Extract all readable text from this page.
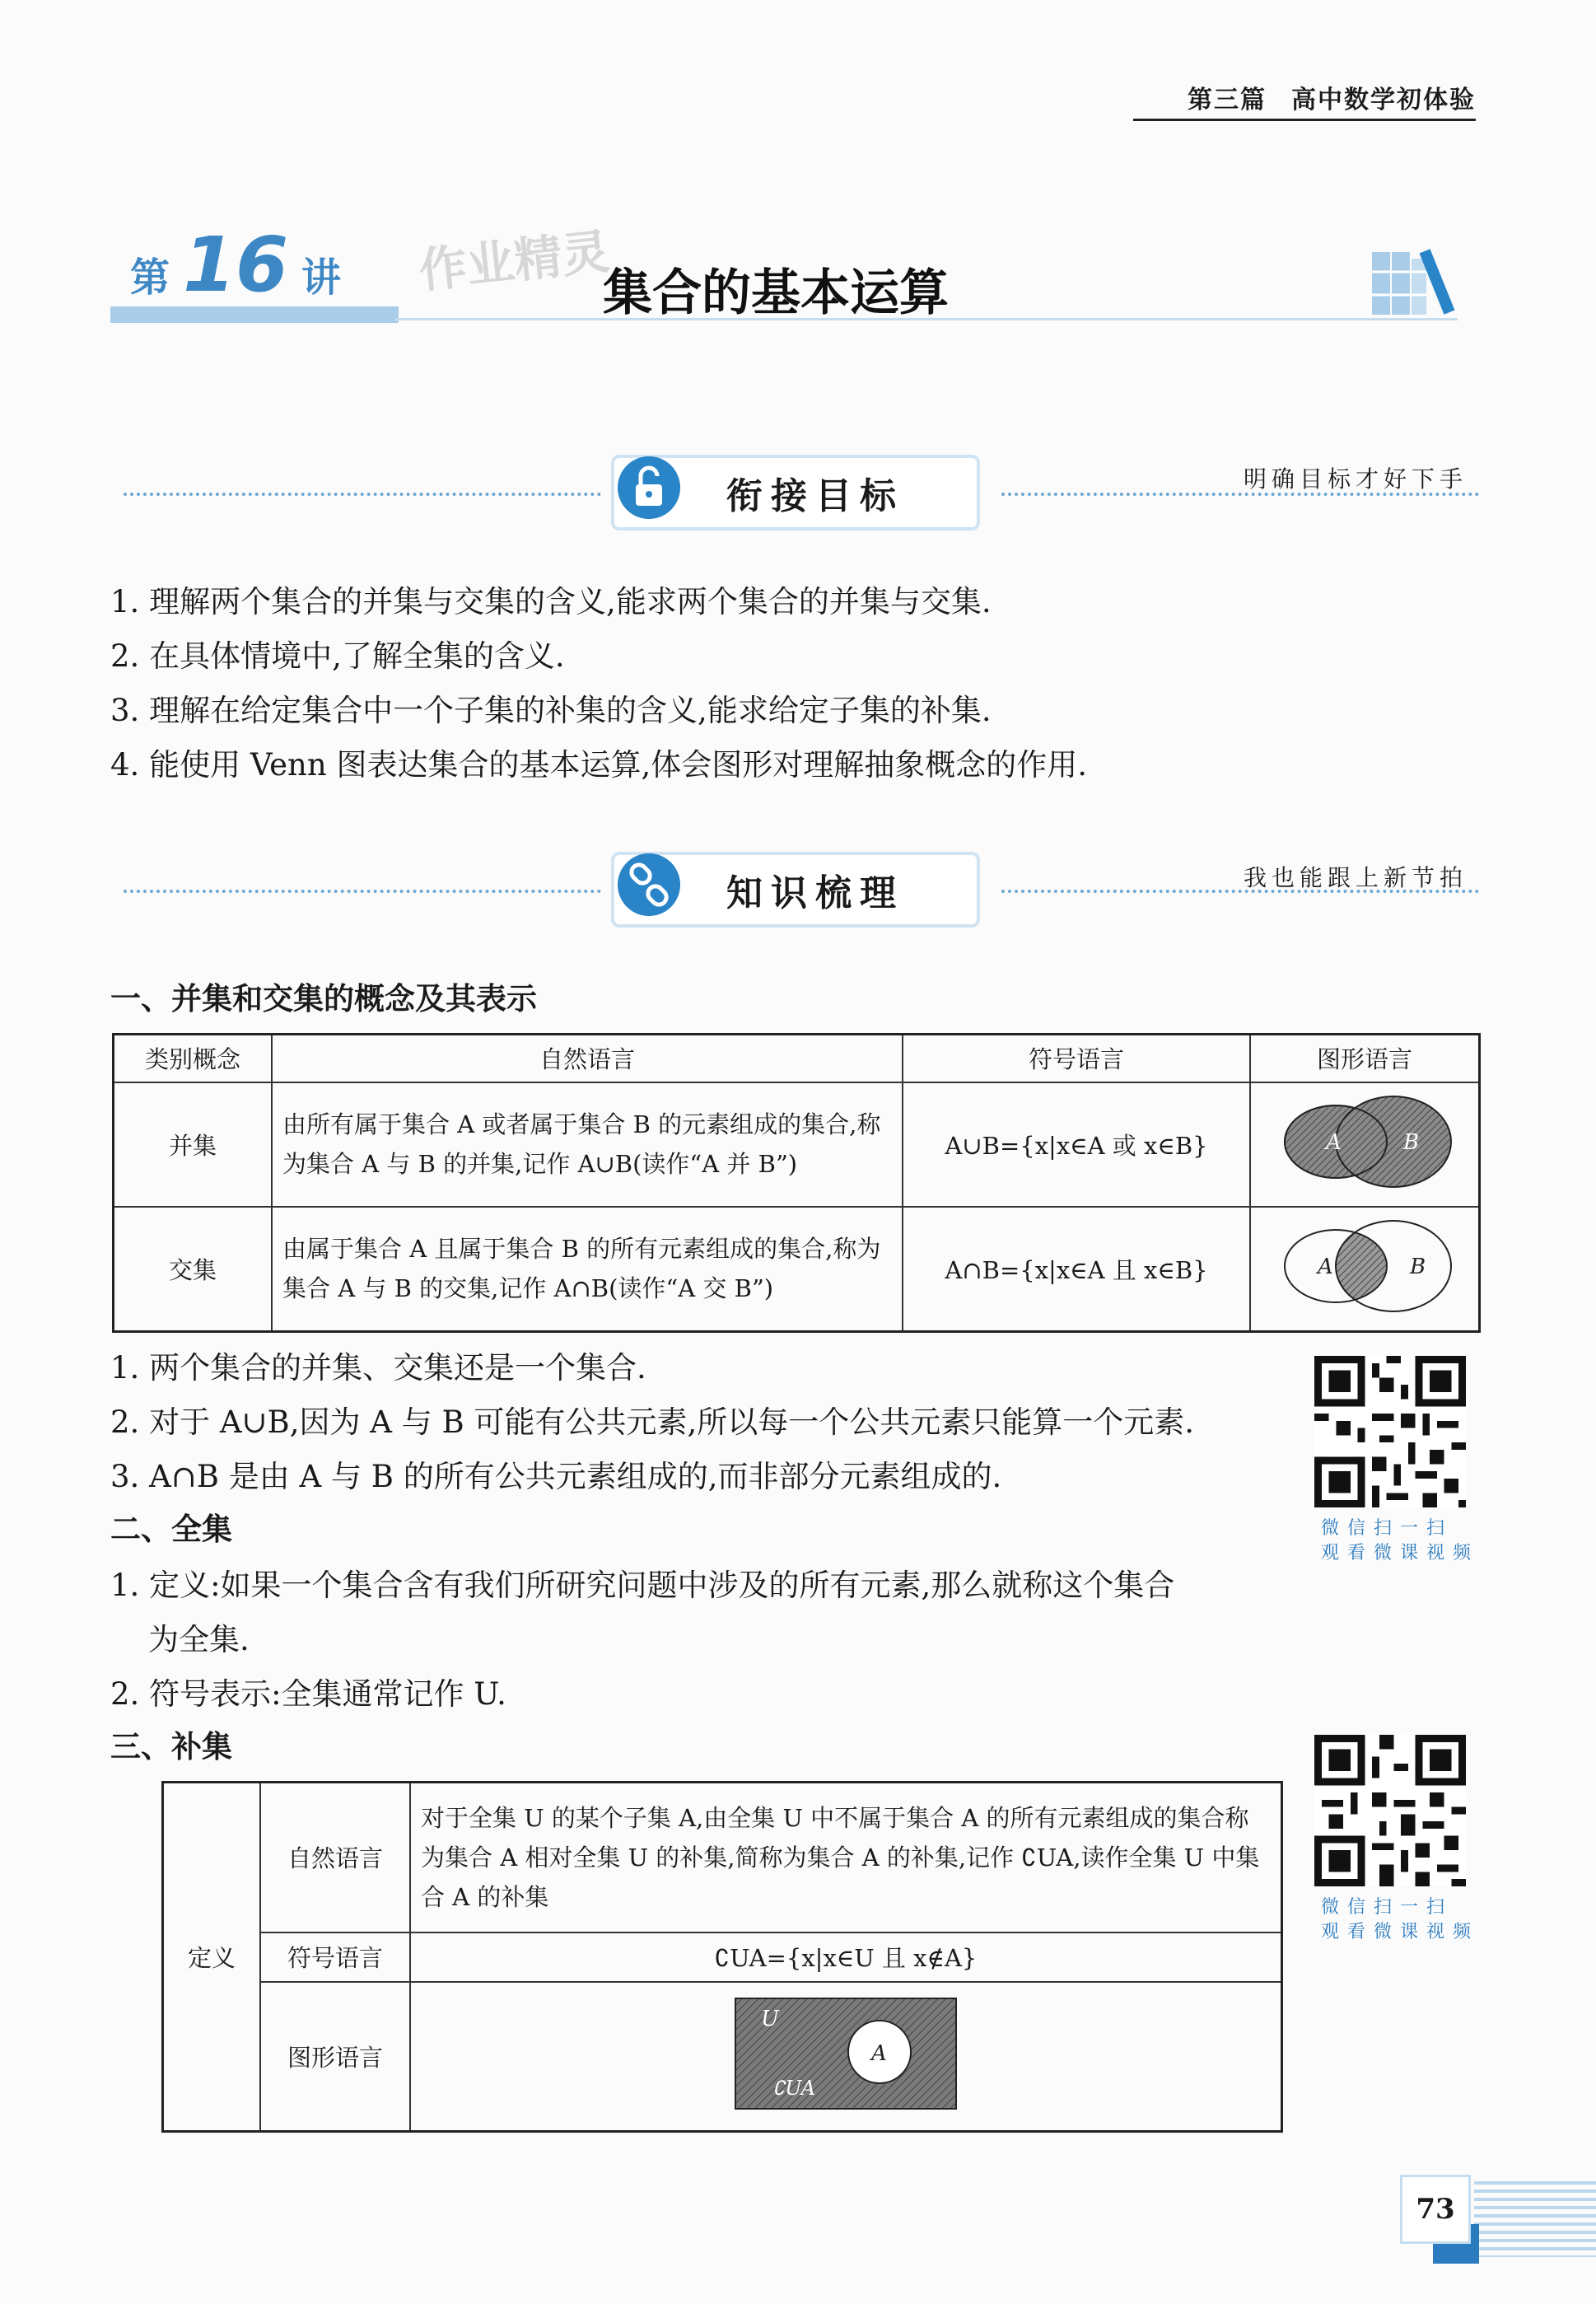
第三篇 高中数学初体验
第 16 讲 作业精灵
集合的基本运算
衔接目标	明确目标才好下手
1. 理解两个集合的并集与交集的含义,能求两个集合的并集与交集.
2. 在具体情境中,了解全集的含义.
3. 理解在给定集合中一个子集的补集的含义,能求给定子集的补集.
4. 能使用 Venn 图表达集合的基本运算,体会图形对理解抽象概念的作用.
知识梳理	我也能跟上新节拍
一、并集和交集的概念及其表示
类别概念	自然语言	符号语言	图形语言
并集	由所有属于集合 A 或者属于集合 B 的元素组成的集合,称为集合 A 与 B 的并集,记作 A∪B(读作“A 并 B”)	A∪B={x|x∈A 或 x∈B}	A B

交集	由属于集合 A 且属于集合 B 的所有元素组成的集合,称为集合 A 与 B 的交集,记作 A∩B(读作“A 交 B”)	A∩B={x|x∈A 且 x∈B}	A B
1. 两个集合的并集、交集还是一个集合.
2. 对于 A∪B,因为 A 与 B 可能有公共元素,所以每一个公共元素只能算一个元素.
3. A∩B 是由 A 与 B 的所有公共元素组成的,而非部分元素组成的.
微信扫一扫
观看微课视频
二、全集
1. 定义:如果一个集合含有我们所研究问题中涉及的所有元素,那么就称这个集合
为全集.
2. 符号表示:全集通常记作 U.
三、补集
定义	自然语言	对于全集 U 的某个子集 A,由全集 U 中不属于集合 A 的所有元素组成的集合称为集合 A 相对全集 U 的补集,简称为集合 A 的补集,记作 ∁UA,读作全集 U 中集合 A 的补集
	符号语言	∁UA={x|x∈U 且 x∉A}
	图形语言	U
A
∁UA
微信扫一扫
观看微课视频
73
